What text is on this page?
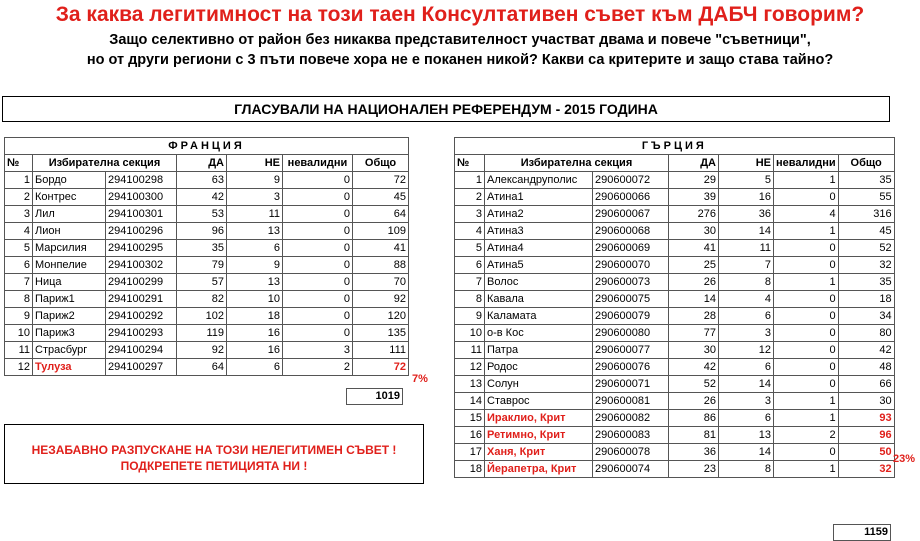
За каква легитимност на този таен Консултативен съвет към ДАБЧ говорим?
Защо селективно от район без никаква представителност участват двама и повече "съветници",
но от други региони с 3 пъти повече хора не е поканен никой? Какви са критерите и защо става тайно?
ГЛАСУВАЛИ НА НАЦИОНАЛЕН РЕФЕРЕНДУМ - 2015 ГОДИНА
ФРАНЦИЯ						
№	Избирателна секция		ДА	НЕ	невалидни	Общо
1	Бордо	294100298	63	9	0	72
2	Контрес	294100300	42	3	0	45
3	Лил	294100301	53	11	0	64
4	Лион	294100296	96	13	0	109
5	Марсилия	294100295	35	6	0	41
6	Монпелие	294100302	79	9	0	88
7	Ница	294100299	57	13	0	70
8	Париж1	294100291	82	10	0	92
9	Париж2	294100292	102	18	0	120
10	Париж3	294100293	119	16	0	135
11	Страсбург	294100294	92	16	3	111
12	Тулуза	294100297	64	6	2	72
1019
7%
ГЪРЦИЯ						
№	Избирателна секция		ДА	НЕ	невалидни	Общо
1	Александруполис	290600072	29	5	1	35
2	Атина1	290600066	39	16	0	55
3	Атина2	290600067	276	36	4	316
4	Атина3	290600068	30	14	1	45
5	Атина4	290600069	41	11	0	52
6	Атина5	290600070	25	7	0	32
7	Волос	290600073	26	8	1	35
8	Кавала	290600075	14	4	0	18
9	Каламата	290600079	28	6	0	34
10	о-в Кос	290600080	77	3	0	80
11	Патра	290600077	30	12	0	42
12	Родос	290600076	42	6	0	48
13	Солун	290600071	52	14	0	66
14	Ставрос	290600081	26	3	1	30
15	Ираклио, Крит	290600082	86	6	1	93
16	Ретимно, Крит	290600083	81	13	2	96
17	Ханя, Крит	290600078	36	14	0	50
18	Йерапетра, Крит	290600074	23	8	1	32
1159
23%
НЕЗАБАВНО РАЗПУСКАНЕ НА ТОЗИ НЕЛЕГИТИМЕН СЪВЕТ !
ПОДКРЕПЕТЕ ПЕТИЦИЯТА НИ !
